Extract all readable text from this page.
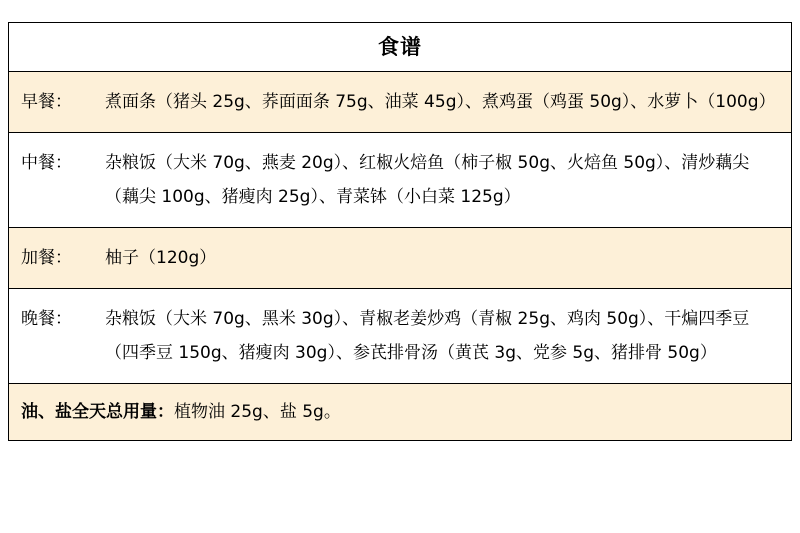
食谱
早餐：	煮面条（猪头 25g、荞面面条 75g、油菜 45g）、煮鸡蛋（鸡蛋 50g）、水萝卜（100g）
中餐：	杂粮饭（大米 70g、燕麦 20g）、红椒火焙鱼（柿子椒 50g、火焙鱼 50g）、清炒藕尖（藕尖 100g、猪瘦肉 25g）、青菜钵（小白菜 125g）
加餐：	柚子（120g）
晚餐：	杂粮饭（大米 70g、黑米 30g）、青椒老姜炒鸡（青椒 25g、鸡肉 50g）、干煸四季豆（四季豆 150g、猪瘦肉 30g）、参芪排骨汤（黄芪 3g、党参 5g、猪排骨 50g）
油、盐全天总用量： 植物油 25g、盐 5g。
